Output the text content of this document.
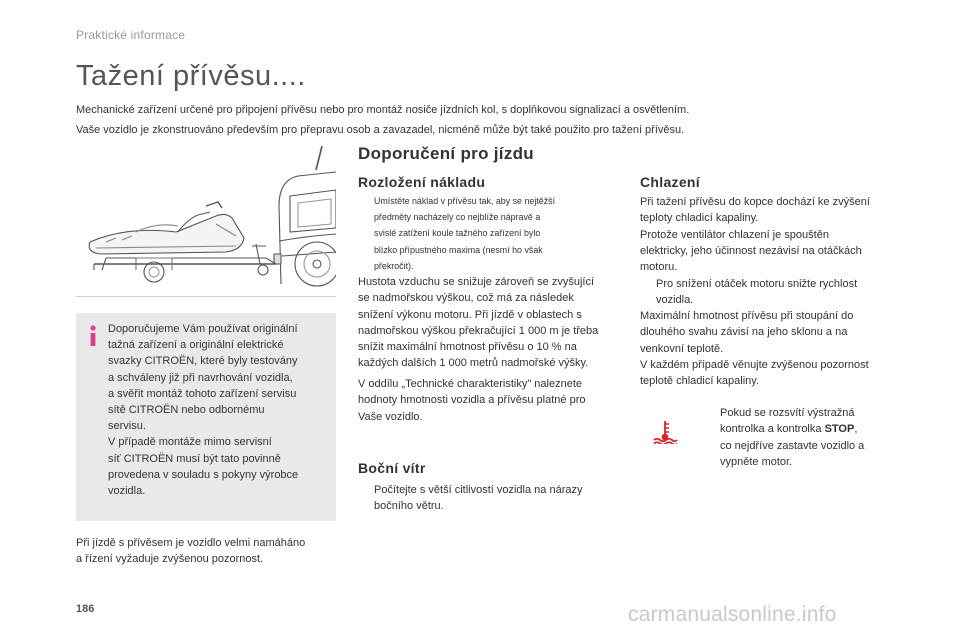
Praktické informace
Tažení přívěsu....
Mechanické zařízení určené pro připojení přívěsu nebo pro montáž nosiče jízdních kol, s doplňkovou signalizací a osvětlením.
Vaše vozidlo je zkonstruováno především pro přepravu osob a zavazadel, nicméně může být také použito pro tažení přívěsu.
Doporučujeme Vám používat originální
tažná zařízení a originální elektrické
svazky CITROËN, které byly testovány
a schváleny již při navrhování vozidla,
a svěřit montáž tohoto zařízení servisu
sítě CITROËN nebo odbornému
servisu.
V případě montáže mimo servisní
síť CITROËN musí být tato povinně
provedena v souladu s pokyny výrobce
vozidla.
Při jízdě s přívěsem je vozidlo velmi namáháno
a řízení vyžaduje zvýšenou pozornost.
Doporučení pro jízdu
Rozložení nákladu
Umístěte náklad v přívěsu tak, aby se nejtěžší
předměty nacházely co nejblíže nápravě a
svislé zatížení koule tažného zařízení bylo
blízko přípustného maxima (nesmí ho však
překročit).
Hustota vzduchu se snižuje zároveň se zvyšující
se nadmořskou výškou, což má za následek
snížení výkonu motoru. Při jízdě v oblastech s
nadmořskou výškou překračující 1 000 m je třeba
snížit maximální hmotnost přívěsu o 10 % na
každých dalších 1 000 metrů nadmořské výšky.
V oddílu „Technické charakteristiky" naleznete
hodnoty hmotnosti vozidla a přívěsu platné pro
Vaše vozidlo.
Boční vítr
Počítejte s větší citlivostí vozidla na nárazy
bočního větru.
Chlazení
Při tažení přívěsu do kopce dochází ke zvýšení
teploty chladicí kapaliny.
Protože ventilátor chlazení je spouštěn
elektricky, jeho účinnost nezávisí na otáčkách
motoru.
Pro snížení otáček motoru snižte rychlost
vozidla.
Maximální hmotnost přívěsu při stoupání do
dlouhého svahu závisí na jeho sklonu a na
venkovní teplotě.
V každém případě věnujte zvýšenou pozornost
teplotě chladicí kapaliny.
Pokud se rozsvítí výstražná
kontrolka a kontrolka STOP,
co nejdříve zastavte vozidlo a
vypněte motor.
186	carmanualsonline.info
